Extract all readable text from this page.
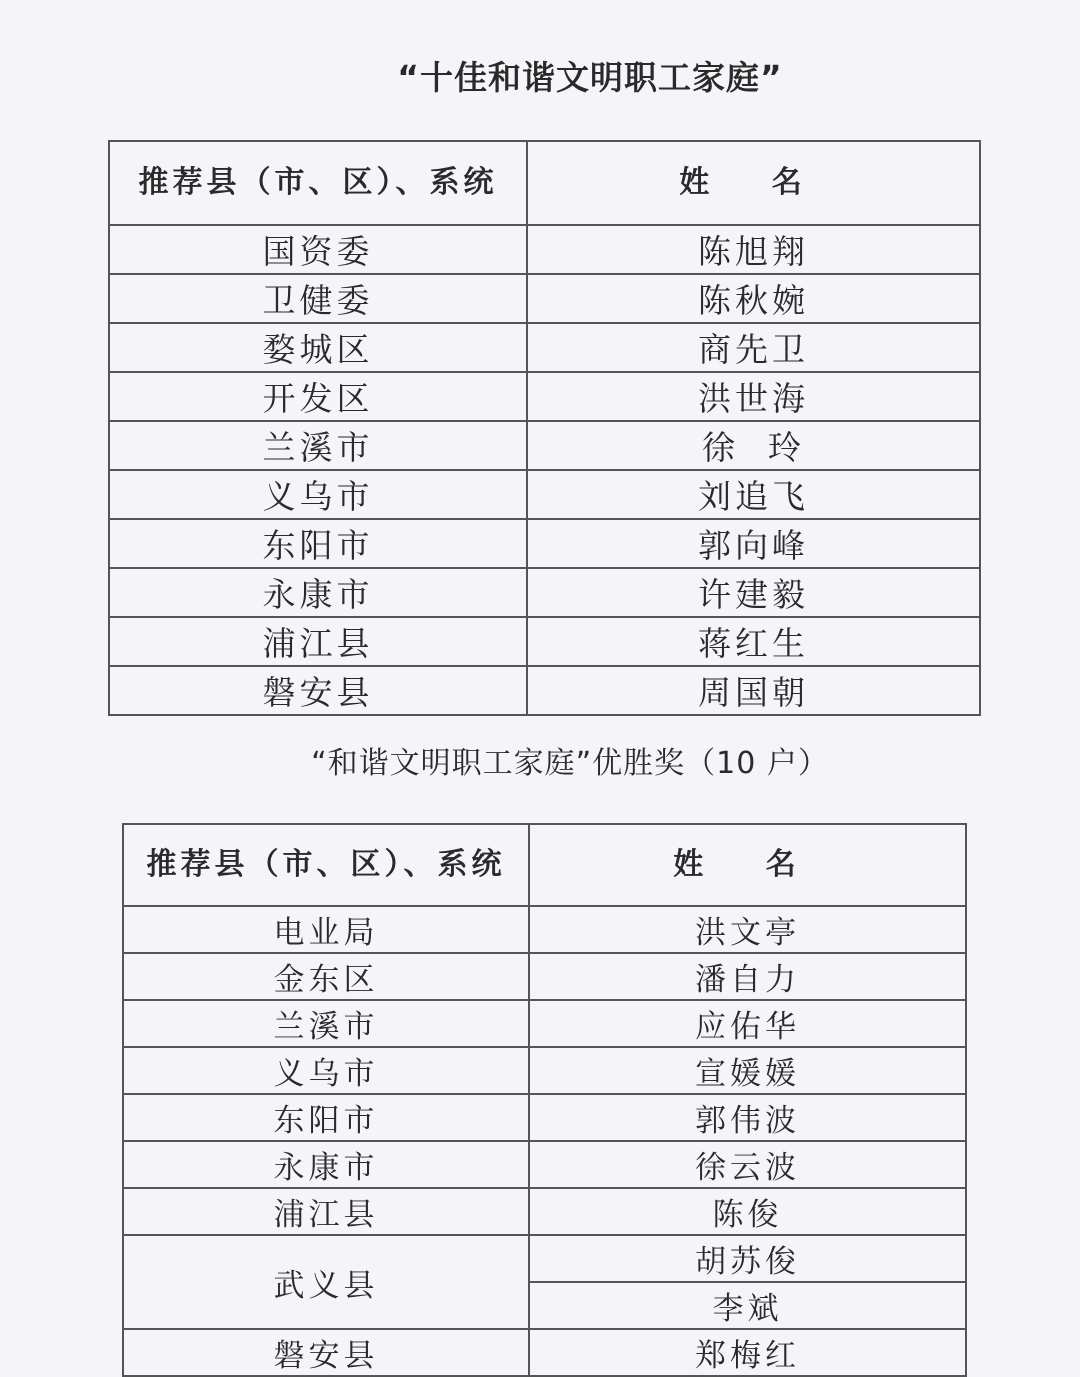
“十佳和谐文明职工家庭”
推荐县（市、区）、系统	姓 名
国资委	陈旭翔
卫健委	陈秋婉
婺城区	商先卫
开发区	洪世海
兰溪市	徐  玲
义乌市	刘追飞
东阳市	郭向峰
永康市	许建毅
浦江县	蒋红生
磐安县	周国朝
“和谐文明职工家庭”优胜奖（10 户）
推荐县（市、区）、系统	姓 名
电业局	洪文亭
金东区	潘自力
兰溪市	应佑华
义乌市	宣媛媛
东阳市	郭伟波
永康市	徐云波
浦江县	陈俊
武义县	胡苏俊
	李斌
磐安县	郑梅红
